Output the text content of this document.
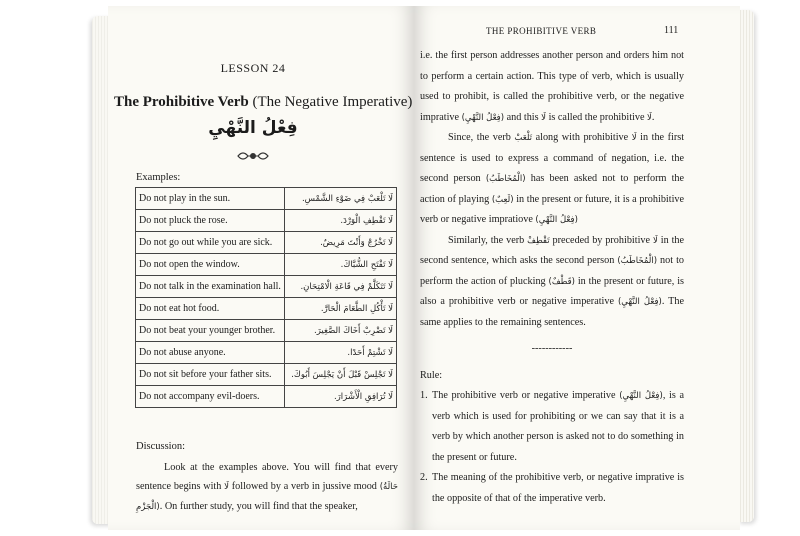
LESSON 24
The Prohibitive Verb (The Negative Imperative)
فِعْلُ النَّهْيِ
Examples:
Do not play in the sun.	لَا تَلْعَبْ فِي ضَوْءِ الشَّمْسِ.
Do not pluck the rose.	لَا تَقْطِفِ الْوَرْدَ.
Do not go out while you are sick.	لَا تَخْرُجْ وَأَنْتَ مَرِيضٌ.
Do not open the window.	لَا تَفْتَحِ الشُّبَّاكَ.
Do not talk in the examination hall.	لَا تَتَكَلَّمْ فِي قَاعَةِ الْامْتِحَانِ.
Do not eat hot food.	لَا تَأْكُلِ الطَّعَامَ الْحَارَّ.
Do not beat your younger brother.	لَا تَضْرِبْ أَخَاكَ الصَّغِيرَ.
Do not abuse anyone.	لَا تَشْتِمْ أَحَدًا.
Do not sit before your father sits.	لَا تَجْلِسْ قَبْلَ أَنْ يَجْلِسَ أَبُوكَ.
Do not accompany evil-doers.	لَا تُرَافِقِ الْأَشْرَارَ.
Discussion:

Look at the examples above. You will find that every sentence begins with لَا followed by a verb in jussive mood (حَالَةُ الْجَزْمِ). On further study, you will find that the speaker,

THE PROHIBITIVE VERB	111

i.e. the first person addresses another person and orders him not to perform a certain action. This type of verb, which is usually used to prohibit, is called the prohibitive verb, or the negative imprative (فِعْلُ النَّهْيِ) and this لَا is called the prohibitive لَا.

Since, the verb تَلْعَبْ along with prohibitive لَا in the first sentence is used to express a command of negation, i.e. the second person (الْمُخَاطَبُ) has been asked not to perform the action of playing (لَعِبٌ) in the present or future, it is a prohibitive verb or negative impratiove (فِعْلُ النَّهْيِ)

Similarly, the verb تَقْطِفْ preceded by prohibitive لَا in the second sentence, which asks the second person (الْمُخَاطَبُ) not to perform the action of plucking (قَطْفٌ) in the present or future, is also a prohibitive verb or negative imperative (فِعْلُ النَّهْيِ). The same applies to the remaining sentences.

------------

Rule:

1. The prohibitive verb or negative imperative (فِعْلُ النَّهْيِ), is a verb which is used for prohibiting or we can say that it is a verb by which another person is asked not to do something in the present or future.
2. The meaning of the prohibitive verb, or negative imprative is the opposite of that of the imperative verb.
